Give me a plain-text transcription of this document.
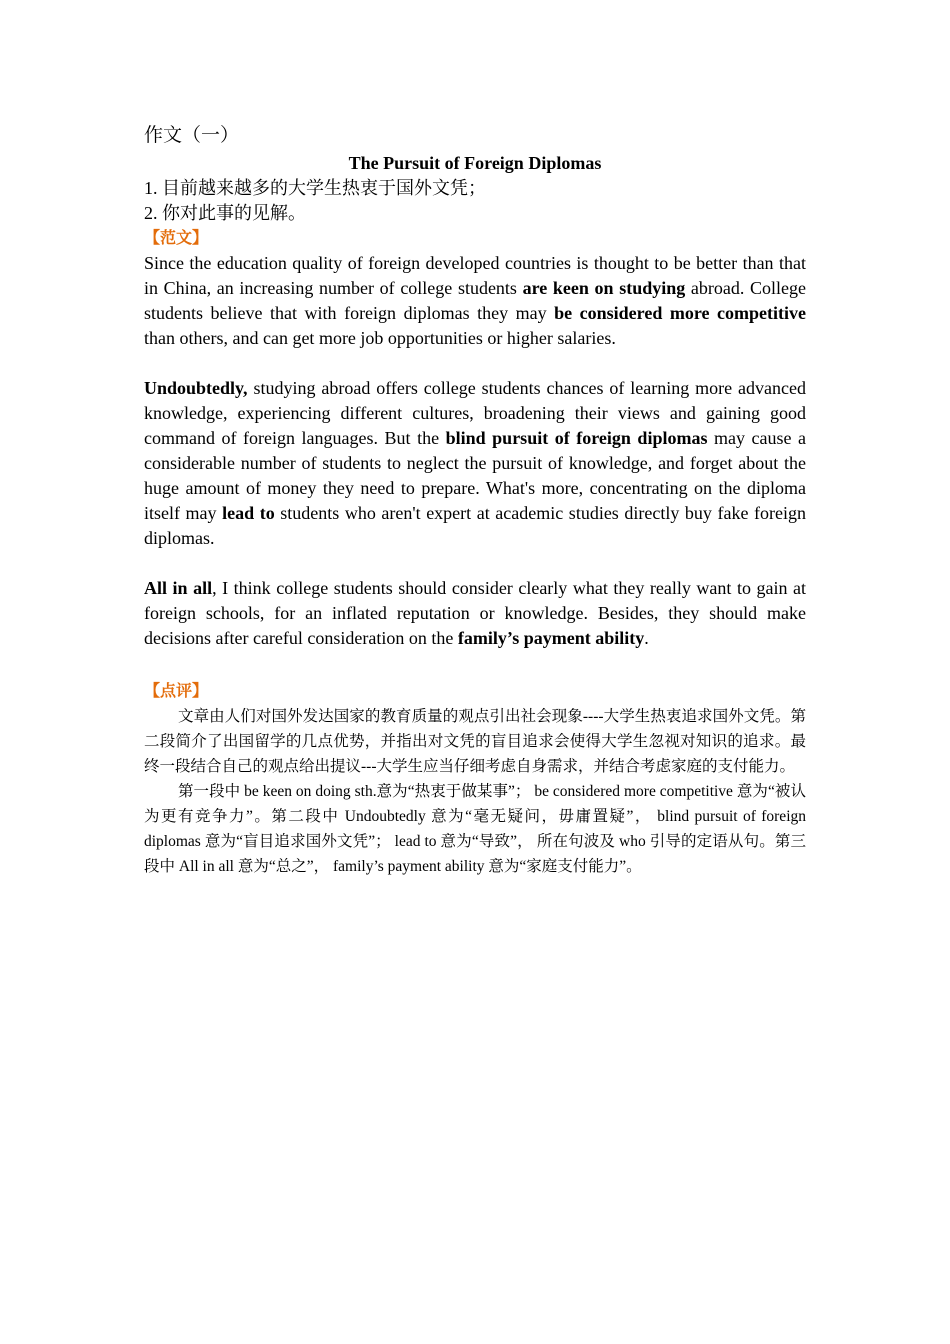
作文（一）

The Pursuit of Foreign Diplomas

1. 目前越来越多的大学生热衷于国外文凭；

2. 你对此事的见解。

【范文】

Since the education quality of foreign developed countries is thought to be better than that in China, an increasing number of college students are keen on studying abroad. College students believe that with foreign diplomas they may be considered more competitive than others, and can get more job opportunities or higher salaries.

Undoubtedly, studying abroad offers college students chances of learning more advanced knowledge, experiencing different cultures, broadening their views and gaining good command of foreign languages. But the blind pursuit of foreign diplomas may cause a considerable number of students to neglect the pursuit of knowledge, and forget about the huge amount of money they need to prepare. What's more, concentrating on the diploma itself may lead to students who aren't expert at academic studies directly buy fake foreign diplomas.

All in all, I think college students should consider clearly what they really want to gain at foreign schools, for an inflated reputation or knowledge. Besides, they should make decisions after careful consideration on the family’s payment ability.

【点评】

文章由人们对国外发达国家的教育质量的观点引出社会现象----大学生热衷追求国外文凭。第二段简介了出国留学的几点优势，并指出对文凭的盲目追求会使得大学生忽视对知识的追求。最终一段结合自己的观点给出提议---大学生应当仔细考虑自身需求，并结合考虑家庭的支付能力。

第一段中 be keen on doing sth.意为“热衷于做某事”； be considered more competitive 意为“被认为更有竞争力”。第二段中 Undoubtedly 意为“毫无疑问，毋庸置疑”， blind pursuit of foreign diplomas 意为“盲目追求国外文凭”； lead to 意为“导致”， 所在句波及 who 引导的定语从句。第三段中 All in all 意为“总之”， family’s payment ability 意为“家庭支付能力”。
